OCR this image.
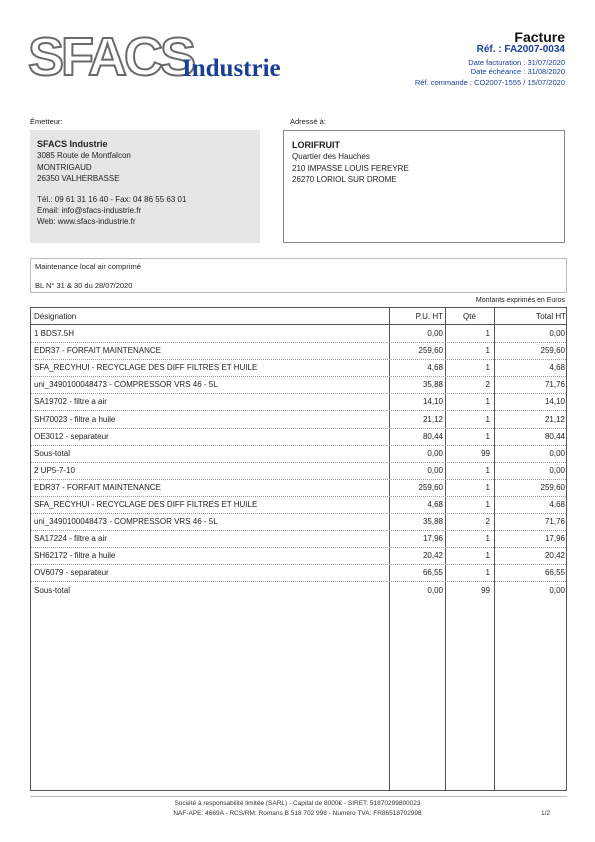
SFACS
Industrie
Facture
Réf. : FA2007-0034
Date facturation : 31/07/2020
Date échéance : 31/08/2020
Réf. commande : CO2007-1555 / 15/07/2020
Émetteur:
SFACS Industrie
3085 Route de Montfalcon
MONTRIGAUD
26350 VALHERBASSE
Tél.: 09 61 31 16 40 - Fax: 04 86 55 63 01
Email: info@sfacs-industrie.fr
Web: www.sfacs-industrie.fr
Adressé à:
LORIFRUIT
Quartier des Hauches
210 IMPASSE LOUIS FEREYRE
26270 LORIOL SUR DROME
Maintenance local air comprimé
BL N° 31 & 30 du 28/07/2020
Montants exprimés en Euros
Désignation	P.U. HT	Qté	Total HT
1 BDS7.5H	0,00	1	0,00
EDR37 - FORFAIT MAINTENANCE	259,60	1	259,60
SFA_RECYHUI - RECYCLAGE DES DIFF FILTRES ET HUILE	4,68	1	4,68
uni_3490100048473 - COMPRESSOR VRS 46 - 5L	35,88	2	71,76
SA19702 - filtre a air	14,10	1	14,10
SH70023 - filtre a huile	21,12	1	21,12
OE3012 - separateur	80,44	1	80,44
Sous-total	0,00	99	0,00
2 UP5-7-10	0,00	1	0,00
EDR37 - FORFAIT MAINTENANCE	259,60	1	259,60
SFA_RECYHUI - RECYCLAGE DES DIFF FILTRES ET HUILE	4,68	1	4,68
uni_3490100048473 - COMPRESSOR VRS 46 - 5L	35,88	2	71,76
SA17224 - filtre a air	17,96	1	17,96
SH62172 - filtre a huile	20,42	1	20,42
OV6079 - separateur	66,55	1	66,55
Sous-total	0,00	99	0,00
Société à responsabilité limitée (SARL) - Capital de 8000€ - SIRET: 51870299800023
NAF-APE: 4669A - RCS/RM: Romans B 518 702 998 - Numéro TVA: FR86518702998	1/2
